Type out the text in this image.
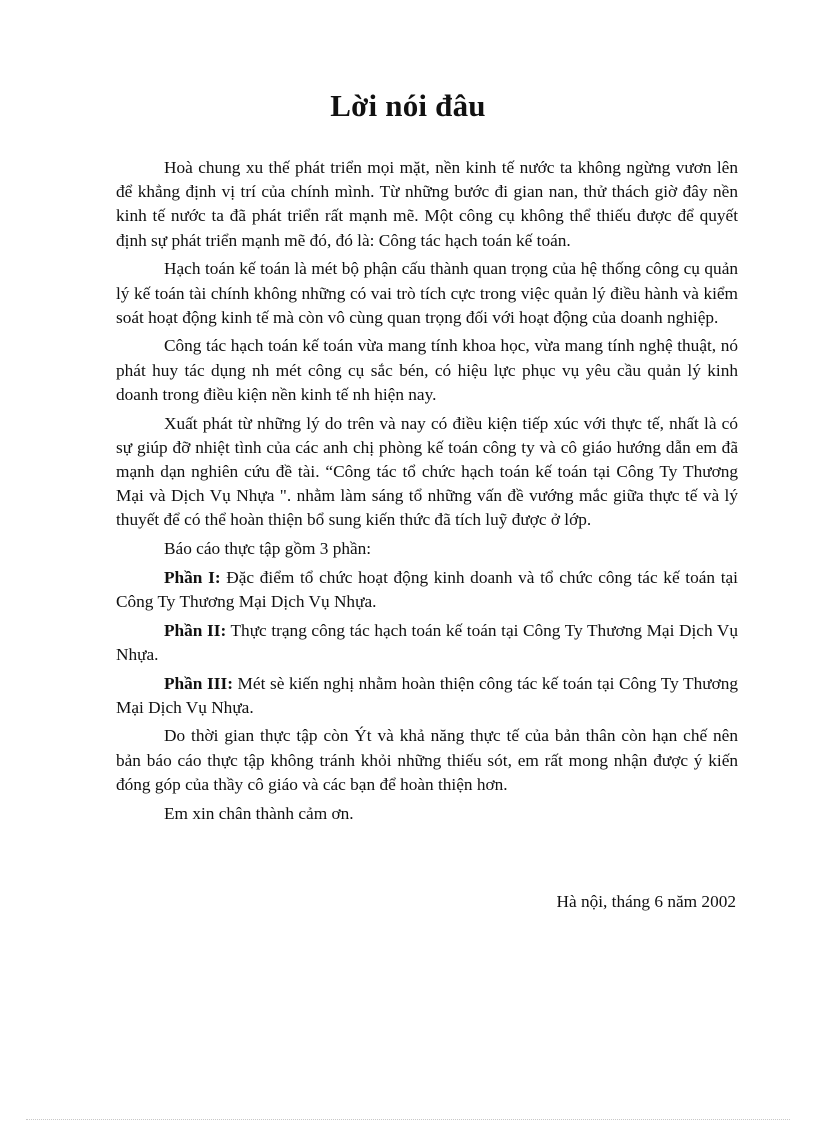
Lời nói đâu

Hoà chung xu thế phát triển mọi mặt, nền kinh tế nước ta không ngừng vươn lên để khẳng định vị trí của chính mình. Từ những bước đi gian nan, thử thách giờ đây nền kinh tế nước ta đã phát triển rất mạnh mẽ. Một công cụ không thể thiếu được để quyết định sự phát triển mạnh mẽ đó, đó là: Công tác hạch toán kế toán.

Hạch toán kế toán là mét bộ phận cấu thành quan trọng của hệ thống công cụ quản lý kế toán tài chính không những có vai trò tích cực trong việc quản lý điều hành và kiểm soát hoạt động kinh tế mà còn vô cùng quan trọng đối với hoạt động của doanh nghiệp.

Công tác hạch toán kế toán vừa mang tính khoa học, vừa mang tính nghệ thuật, nó phát huy tác dụng nh mét công cụ sắc bén, có hiệu lực phục vụ yêu cầu quản lý kinh doanh trong điều kiện nền kinh tế nh hiện nay.

Xuất phát từ những lý do trên và nay có điều kiện tiếp xúc với thực tế, nhất là có sự giúp đỡ nhiệt tình của các anh chị phòng kế toán công ty và cô giáo hướng dẫn em đã mạnh dạn nghiên cứu đề tài. “Công tác tổ chức hạch toán kế toán tại Công Ty Thương Mại và Dịch Vụ Nhựa ". nhằm làm sáng tổ những vấn đề vướng mắc giữa thực tế và lý thuyết để có thể hoàn thiện bổ sung kiến thức đã tích luỹ được ở lớp.

Báo cáo thực tập gồm 3 phần:

Phần I: Đặc điểm tổ chức hoạt động kinh doanh và tổ chức công tác kế toán tại Công Ty Thương Mại Dịch Vụ Nhựa.

Phần II: Thực trạng công tác hạch toán kế toán tại Công Ty Thương Mại Dịch Vụ Nhựa.

Phần III: Mét sè kiến nghị nhằm hoàn thiện công tác kế toán tại Công Ty Thương Mại Dịch Vụ Nhựa.

Do thời gian thực tập còn Ýt và khả năng thực tế của bản thân còn hạn chế nên bản báo cáo thực tập không tránh khỏi những thiếu sót, em rất mong nhận được ý kiến đóng góp của thầy cô giáo và các bạn để hoàn thiện hơn.

Em xin chân thành cảm ơn.

Hà nội, tháng 6 năm 2002
